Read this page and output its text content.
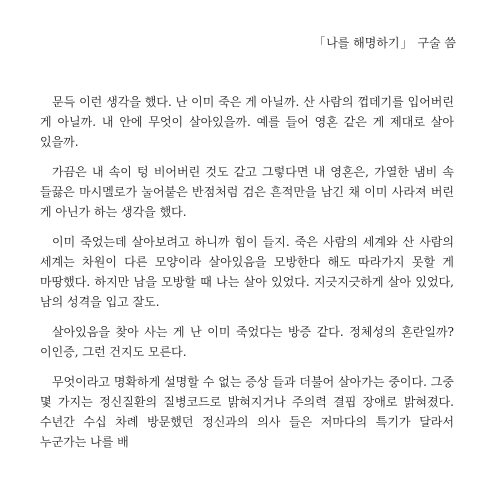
「나를 해명하기」 구술 씀

문득 이런 생각을 했다. 난 이미 죽은 게 아닐까. 산 사람의 껍데기를 입어버린 게 아닐까. 내 안에 무엇이 살아있을까. 예를 들어 영혼 같은 게 제대로 살아 있을까.

가끔은 내 속이 텅 비어버린 것도 같고 그렇다면 내 영혼은, 가열한 냄비 속 들끓은 마시멜로가 눌어붙은 반점처럼 검은 흔적만을 남긴 채 이미 사라져 버린 게 아닌가 하는 생각을 했다.

이미 죽었는데 살아보려고 하니까 힘이 들지. 죽은 사람의 세계와 산 사람의 세계는 차원이 다른 모양이라 살아있음을 모방한다 해도 따라가지 못할 게 마땅했다. 하지만 남을 모방할 때 나는 살아 있었다. 지긋지긋하게 살아 있었다, 남의 성격을 입고 잘도.

살아있음을 찾아 사는 게 난 이미 죽었다는 방증 같다. 정체성의 혼란일까? 이인증, 그런 건지도 모른다.

무엇이라고 명확하게 설명할 수 없는 증상 들과 더불어 살아가는 중이다. 그중 몇 가지는 정신질환의 질병코드로 밝혀지거나 주의력 결핍 장애로 밝혀졌다. 수년간 수십 차례 방문했던 정신과의 의사 들은 저마다의 특기가 달라서 누군가는 나를 배
